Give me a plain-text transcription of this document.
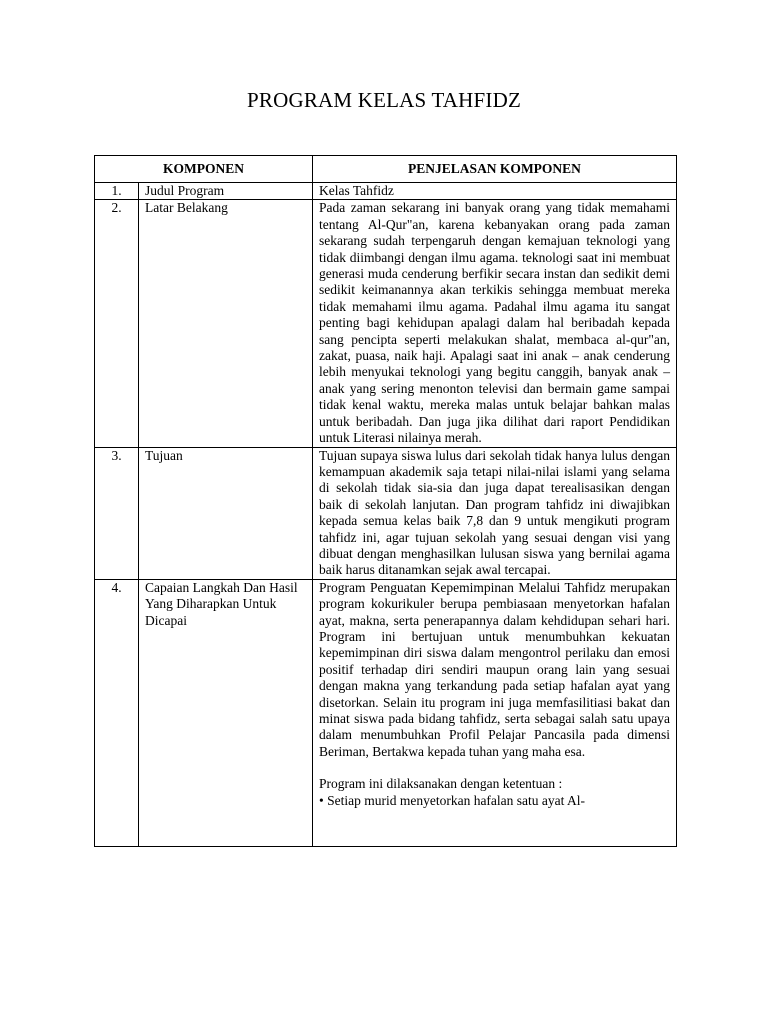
PROGRAM KELAS TAHFIDZ
KOMPONEN		PENJELASAN KOMPONEN
1.	Judul Program	Kelas Tahfidz
2.	Latar Belakang	Pada zaman sekarang ini banyak orang yang tidak memahami tentang Al-Qur"an, karena kebanyakan orang pada zaman sekarang sudah terpengaruh dengan kemajuan teknologi yang tidak diimbangi dengan ilmu agama. teknologi saat ini membuat generasi muda cenderung berfikir secara instan dan sedikit demi sedikit keimanannya akan terkikis sehingga membuat mereka tidak memahami ilmu agama. Padahal ilmu agama itu sangat penting bagi kehidupan apalagi dalam hal beribadah kepada sang pencipta seperti melakukan shalat, membaca al-qur"an, zakat, puasa, naik haji. Apalagi saat ini anak – anak cenderung lebih menyukai teknologi yang begitu canggih, banyak anak – anak yang sering menonton televisi dan bermain game sampai tidak kenal waktu, mereka malas untuk belajar bahkan malas untuk beribadah. Dan juga jika dilihat dari raport Pendidikan untuk Literasi nilainya merah.
3.	Tujuan	Tujuan supaya siswa lulus dari sekolah tidak hanya lulus dengan kemampuan akademik saja tetapi nilai-nilai islami yang selama di sekolah tidak sia-sia dan juga dapat terealisasikan dengan baik di sekolah lanjutan. Dan program tahfidz ini diwajibkan kepada semua kelas baik 7,8 dan 9 untuk mengikuti program tahfidz ini, agar tujuan sekolah yang sesuai dengan visi yang dibuat dengan menghasilkan lulusan siswa yang bernilai agama baik harus ditanamkan sejak awal tercapai.
4.	Capaian Langkah Dan Hasil Yang Diharapkan Untuk Dicapai	Program Penguatan Kepemimpinan Melalui Tahfidz merupakan program kokurikuler berupa pembiasaan menyetorkan hafalan ayat, makna, serta penerapannya dalam kehdidupan sehari hari. Program ini bertujuan untuk menumbuhkan kekuatan kepemimpinan diri siswa dalam mengontrol perilaku dan emosi positif terhadap diri sendiri maupun orang lain yang sesuai dengan makna yang terkandung pada setiap hafalan ayat yang disetorkan. Selain itu program ini juga memfasilitiasi bakat dan minat siswa pada bidang tahfidz, serta sebagai salah satu upaya dalam menumbuhkan Profil Pelajar Pancasila pada dimensi Beriman, Bertakwa kepada tuhan yang maha esa.

Program ini dilaksanakan dengan ketentuan :

• Setiap murid menyetorkan hafalan satu ayat Al-
